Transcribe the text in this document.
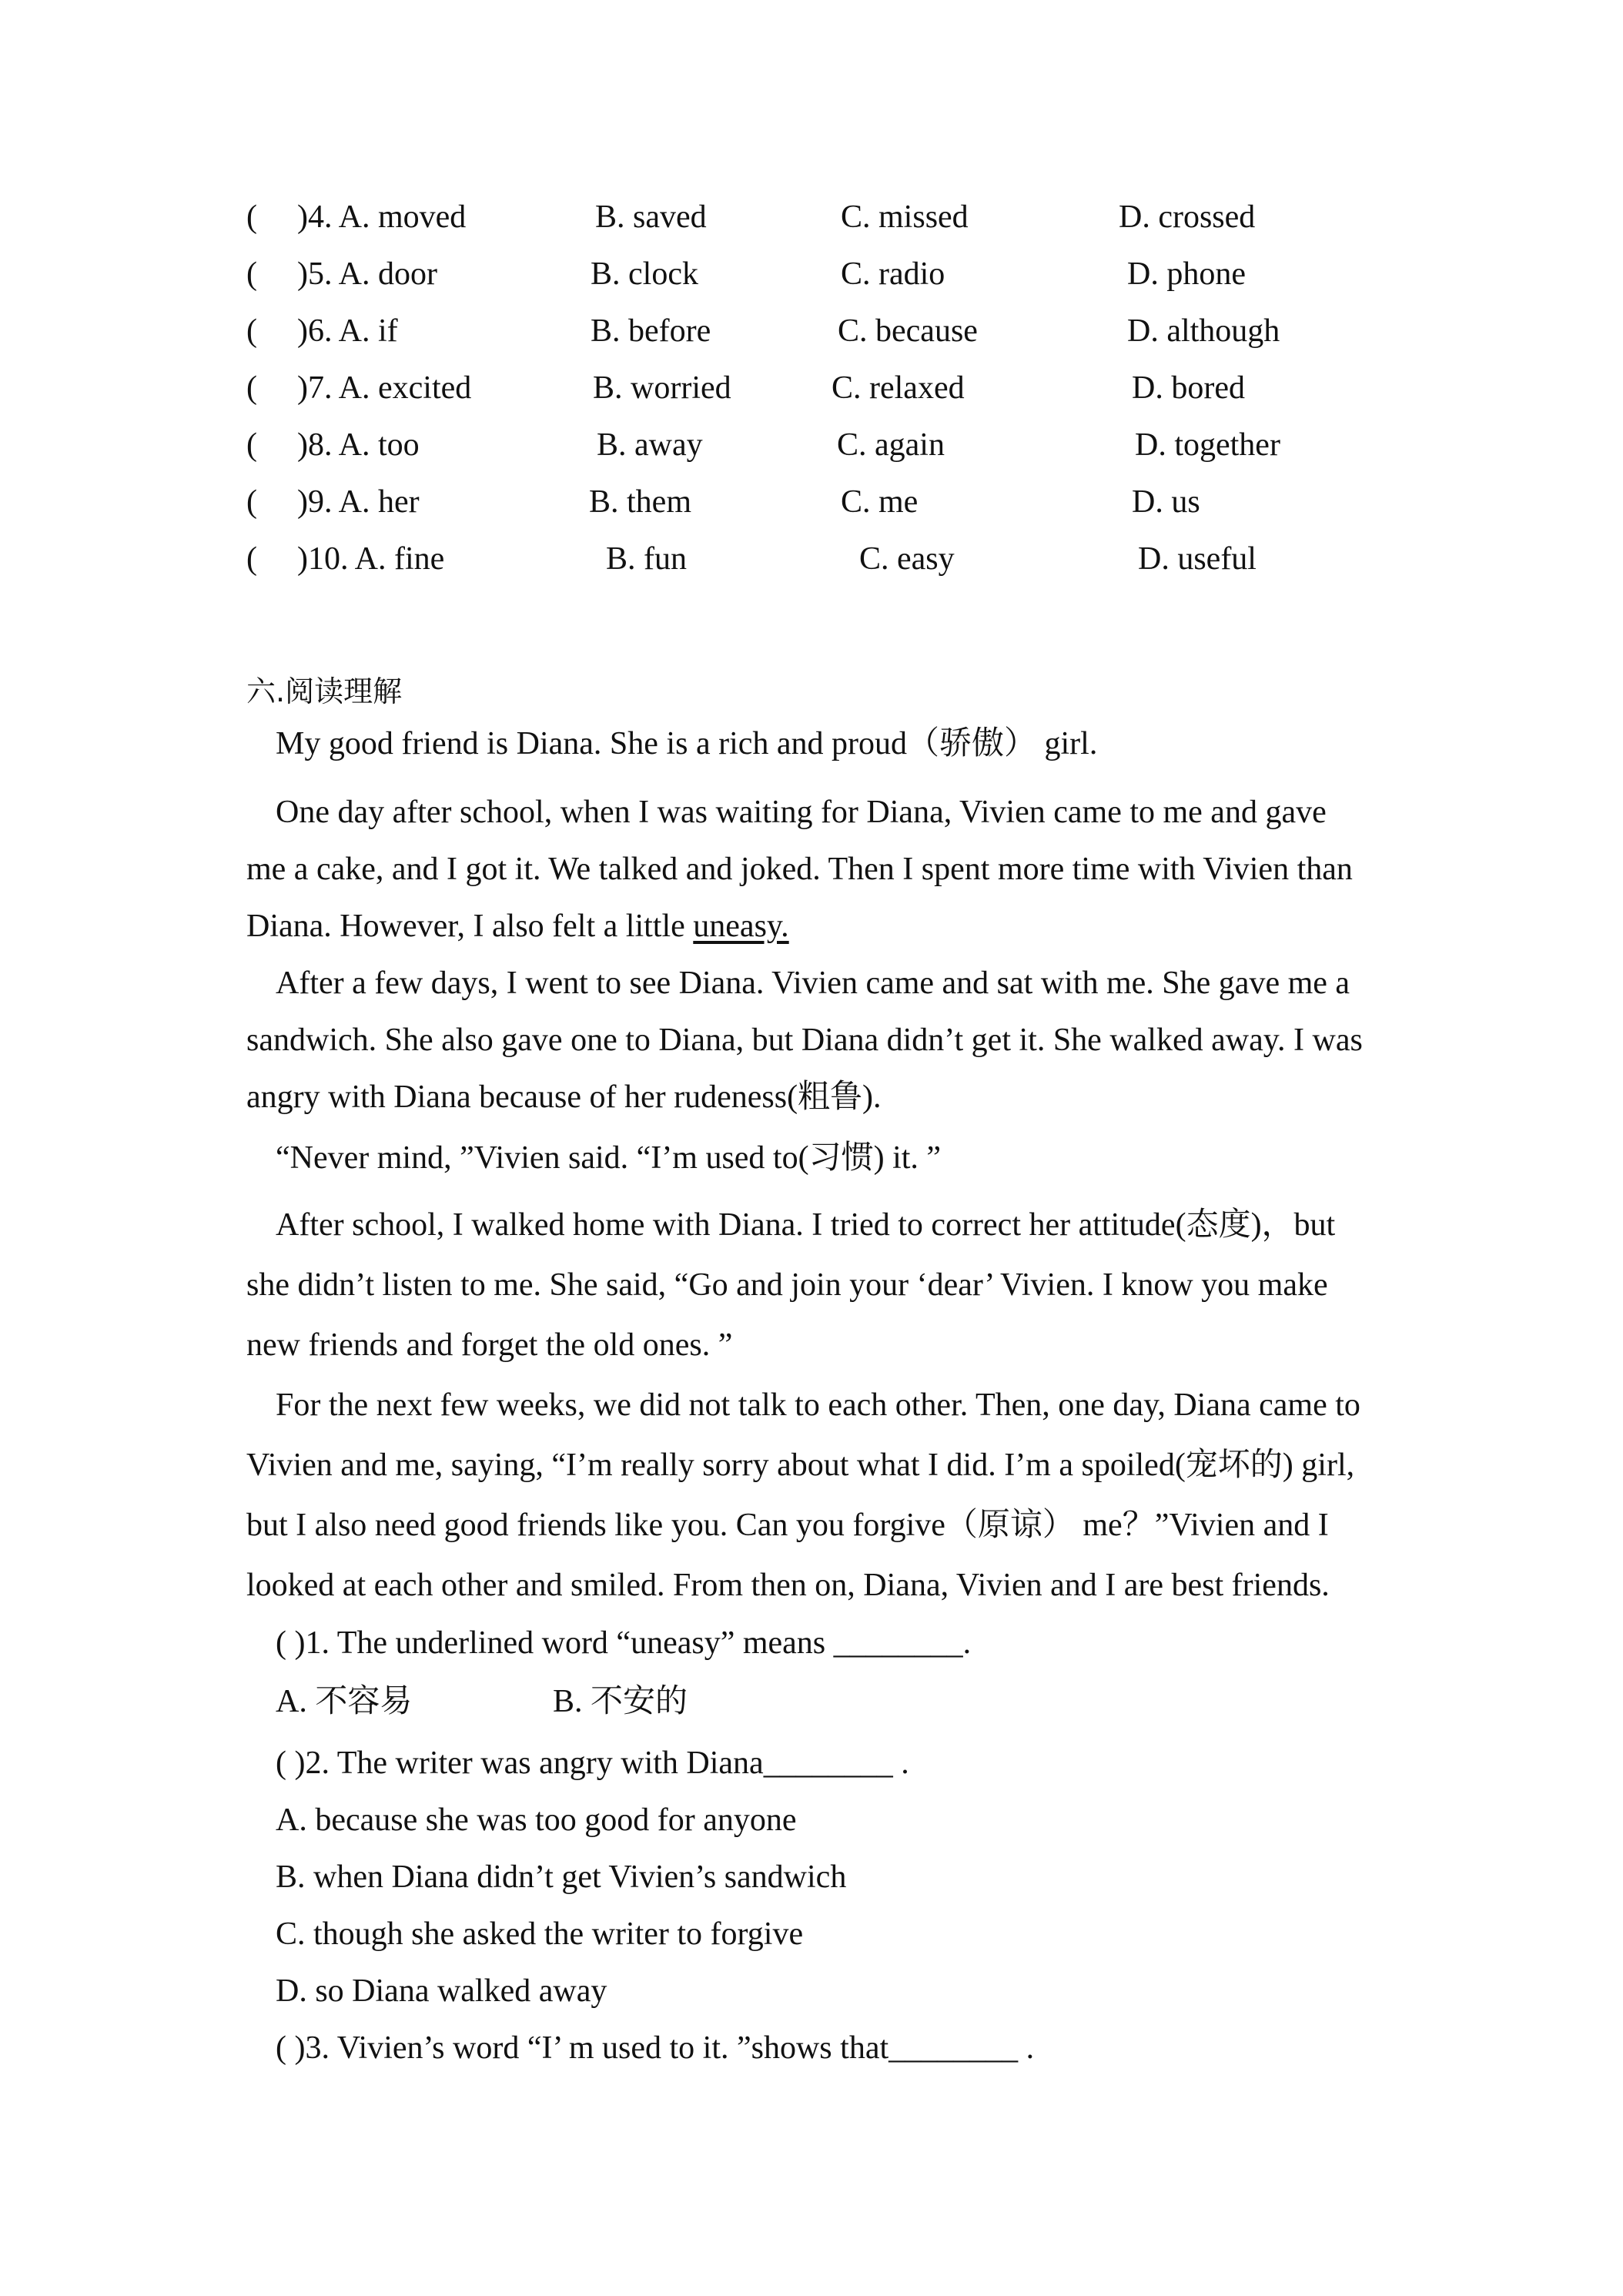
( )4. A. moved	B. saved	C. missed	D. crossed
( )5. A. door	B. clock	C. radio	D. phone
( )6. A. if	B. before	C. because	D. although
( )7. A. excited	B. worried	C. relaxed	D. bored
( )8. A. too	B. away	C. again	D. together
( )9. A. her	B. them	C. me	D. us
( )10. A. fine	B. fun	C. easy	D. useful
六.阅读理解
My good friend is Diana. She is a rich and proud（骄傲） girl.
One day after school, when I was waiting for Diana, Vivien came to me and gave
me a cake, and I got it. We talked and joked. Then I spent more time with Vivien than
Diana. However, I also felt a little uneasy.
After a few days, I went to see Diana. Vivien came and sat with me. She gave me a
sandwich. She also gave one to Diana, but Diana didn’t get it. She walked away. I was
angry with Diana because of her rudeness(粗鲁).
“Never mind, ”Vivien said. “I’m used to(习惯) it. ”
After school, I walked home with Diana. I tried to correct her attitude(态度)，but
she didn’t listen to me. She said, “Go and join your ‘dear’ Vivien. I know you make
new friends and forget the old ones. ”
For the next few weeks, we did not talk to each other. Then, one day, Diana came to
Vivien and me, saying, “I’m really sorry about what I did. I’m a spoiled(宠坏的) girl,
but I also need good friends like you. Can you forgive（原谅） me？”Vivien and I
looked at each other and smiled. From then on, Diana, Vivien and I are best friends.
( )1. The underlined word “uneasy” means ________.
A. 不容易	B. 不安的
( )2. The writer was angry with Diana________ .
A. because she was too good for anyone
B. when Diana didn’t get Vivien’s sandwich
C. though she asked the writer to forgive
D. so Diana walked away
( )3. Vivien’s word “I’ m used to it. ”shows that________ .
